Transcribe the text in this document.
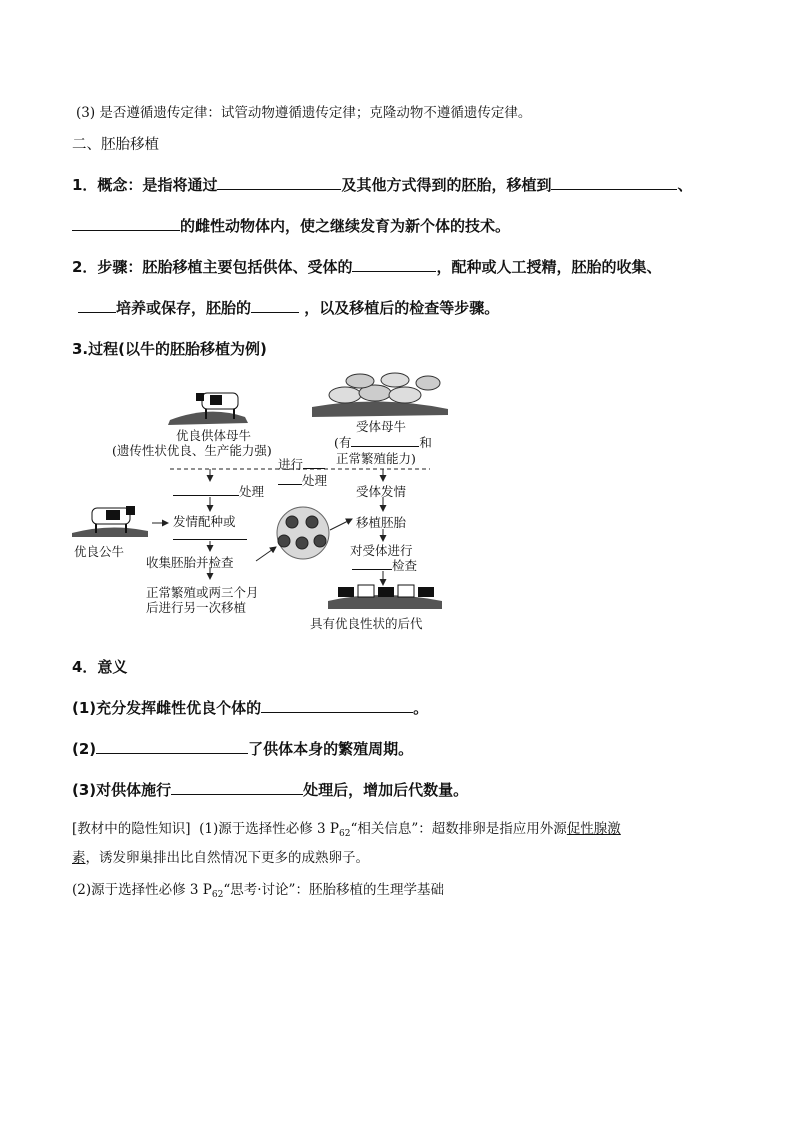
(3) 是否遵循遗传定律：试管动物遵循遗传定律；克隆动物不遵循遗传定律。
二、胚胎移植
1．概念：是指将通过	及其他方式得到的胚胎，移植到	、
的雌性动物体内，使之继续发育为新个体的技术。
2．步骤：胚胎移植主要包括供体、受体的	，配种或人工授精，胚胎的收集、
培养或保存，胚胎的	，以及移植后的检查等步骤。
3.过程(以牛的胚胎移植为例)
优良供体母牛
(遗传性状优良、生产能力强)
受体母牛
(有	和
正常繁殖能力)
进行
处理
处理	受体发情
发情配种或	移植胚胎
优良公牛
收集胚胎并检查
对受体进行
检查
正常繁殖或两三个月
后进行另一次移植
具有优良性状的后代
4．意义
(1)充分发挥雌性优良个体的	。
(2)	了供体本身的繁殖周期。
(3)对供体施行	处理后，增加后代数量。
[教材中的隐性知识] (1)源于选择性必修 3 $P_{62}“$相关信息”：超数排卵是指应用外源促性腺激
素，诱发卵巢排出比自然情况下更多的成熟卵子。
(2)源于选择性必修 3 $P_{62}“$思考·讨论”：胚胎移植的生理学基础
